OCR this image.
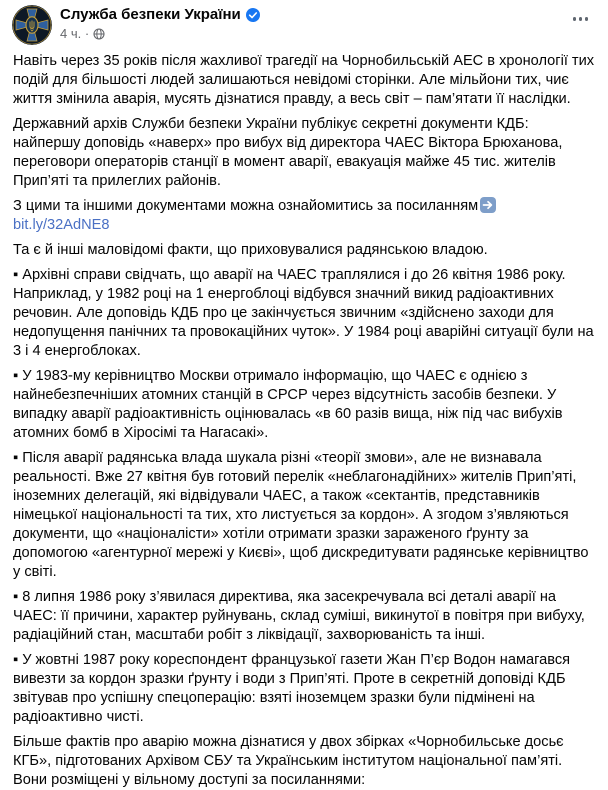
Служба безпеки України
4 ч. ·

Навіть через 35 років після жахливої трагедії на Чорнобильській АЕС в хронології тих подій для більшості людей залишаються невідомі сторінки. Але мільйони тих, чиє життя змінила аварія, мусять дізнатися правду, а весь світ – пам’ятати її наслідки.

Державний архів Служби безпеки України публікує секретні документи КДБ: найпершу доповідь «наверх» про вибух від директора ЧАЕС Віктора Брюханова, переговори операторів станції в момент аварії, евакуація майже 45 тис. жителів Прип’яті та прилеглих районів.

З цими та іншими документами можна ознайомитись за посиланнямbit.ly/32AdNE8

Та є й інші маловідомі факти, що приховувалися радянською владою.

▪ Архівні справи свідчать, що аварії на ЧАЕС траплялися і до 26 квітня 1986 року. Наприклад, у 1982 році на 1 енергоблоці відбувся значний викид радіоактивних речовин. Але доповідь КДБ про це закінчується звичним «здійснено заходи для недопущення панічних та провокаційних чуток». У 1984 році аварійні ситуації були на 3 і 4 енергоблоках.

▪ У 1983-му керівництво Москви отримало інформацію, що ЧАЕС є однією з найнебезпечніших атомних станцій в СРСР через відсутність засобів безпеки. У випадку аварії радіоактивність оцінювалась «в 60 разів вища, ніж під час вибухів атомних бомб в Хіросімі та Нагасакі».

▪ Після аварії радянська влада шукала різні «теорії змови», але не визнавала реальності. Вже 27 квітня був готовий перелік «неблагонадійних» жителів Прип’яті, іноземних делегацій, які відвідували ЧАЕС, а також «сектантів, представників німецької національності та тих, хто листується за кордон». А згодом з’являються документи, що «націоналісти» хотіли отримати зразки зараженого ґрунту за допомогою «агентурної мережі у Києві», щоб дискредитувати радянське керівництво у світі.

▪ 8 липня 1986 року з’явилася директива, яка засекречувала всі деталі аварії на ЧАЕС: її причини, характер руйнувань, склад суміші, викинутої в повітря при вибуху, радіаційний стан, масштаби робіт з ліквідації, захворюваність та інші.

▪ У жовтні 1987 року кореспондент французької газети Жан П’єр Водон намагався вивезти за кордон зразки ґрунту і води з Прип’яті. Проте в секретній доповіді КДБ звітував про успішну спецоперацію: взяті іноземцем зразки були підмінені на радіоактивно чисті.

Більше фактів про аварію можна дізнатися у двох збірках «Чорнобильське досьє КГБ», підготованих Архівом СБУ та Українським інститутом національної пам’яті. Вони розміщені у вільному доступі за посиланнями:
